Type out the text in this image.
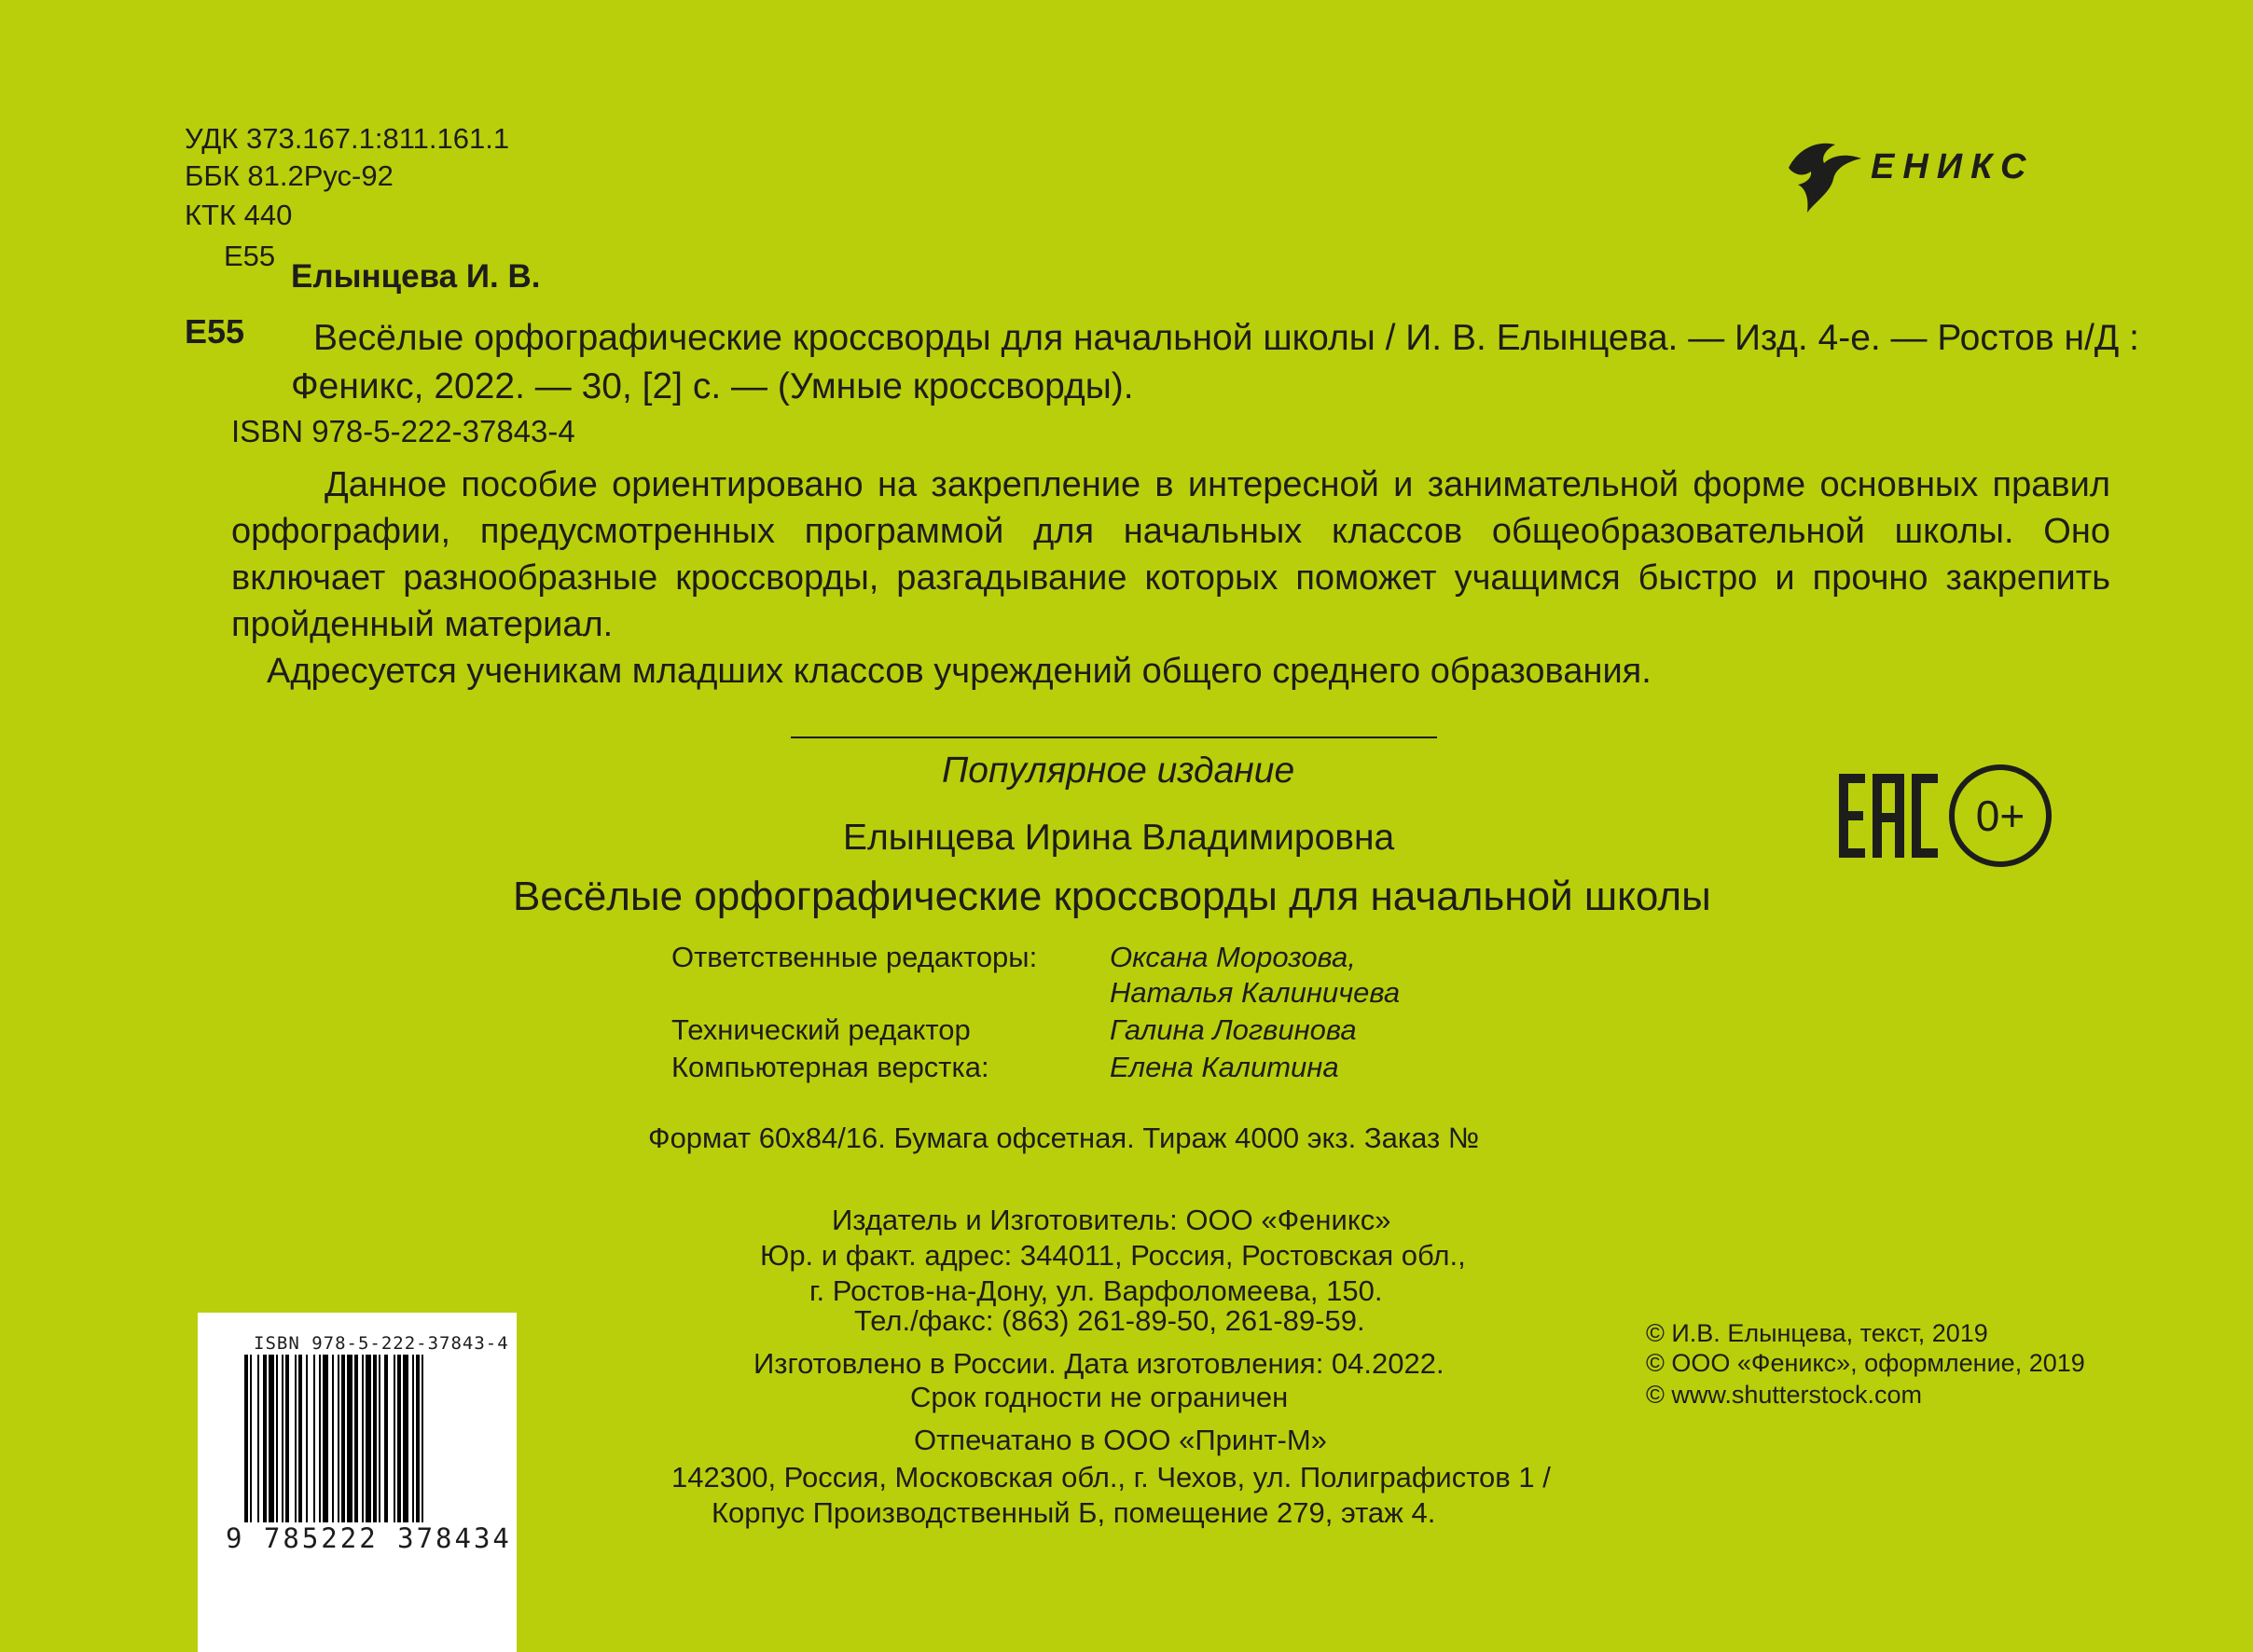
УДК 373.167.1:811.161.1
ББК 81.2Рус-92
КТК 440
Е55
Елынцева И. В.
Е55 Весёлые орфографические кроссворды для начальной школы / И. В. Елынцева. — Изд. 4-е. — Ростов н/Д :
Феникс, 2022. — 30, [2] с. — (Умные кроссворды).
ISBN 978-5-222-37843-4
ЕНИКС

Данное пособие ориентировано на закрепление в интересной и занимательной форме основных правил орфографии, предусмотренных программой для начальных классов общеобразовательной школы. Оно включает разнообразные кроссворды, разгадывание которых поможет учащимся быстро и прочно закрепить пройденный материал.

Адресуется ученикам младших классов учреждений общего среднего образования.

Популярное издание
Елынцева Ирина Владимировна
Весёлые орфографические кроссворды для начальной школы
Ответственные редакторы:	Оксана Морозова,
Наталья Калиничева
Технический редактор	Галина Логвинова
Компьютерная верстка:	Елена Калитина
Формат 60x84/16. Бумага офсетная. Тираж 4000 экз. Заказ №
Издатель и Изготовитель: ООО «Феникс»
Юр. и факт. адрес: 344011, Россия, Ростовская обл.,
г. Ростов-на-Дону, ул. Варфоломеева, 150.
Тел./факс: (863) 261-89-50, 261-89-59.
Изготовлено в России. Дата изготовления: 04.2022.
Срок годности не ограничен
Отпечатано в ООО «Принт-М»
142300, Россия, Московская обл., г. Чехов, ул. Полиграфистов 1 /
Корпус Производственный Б, помещение 279, этаж 4.
0+
© И.В. Елынцева, текст, 2019
© ООО «Феникс», оформление, 2019
© www.shutterstock.com
ISBN 978-5-222-37843-4
9 785222 378434
